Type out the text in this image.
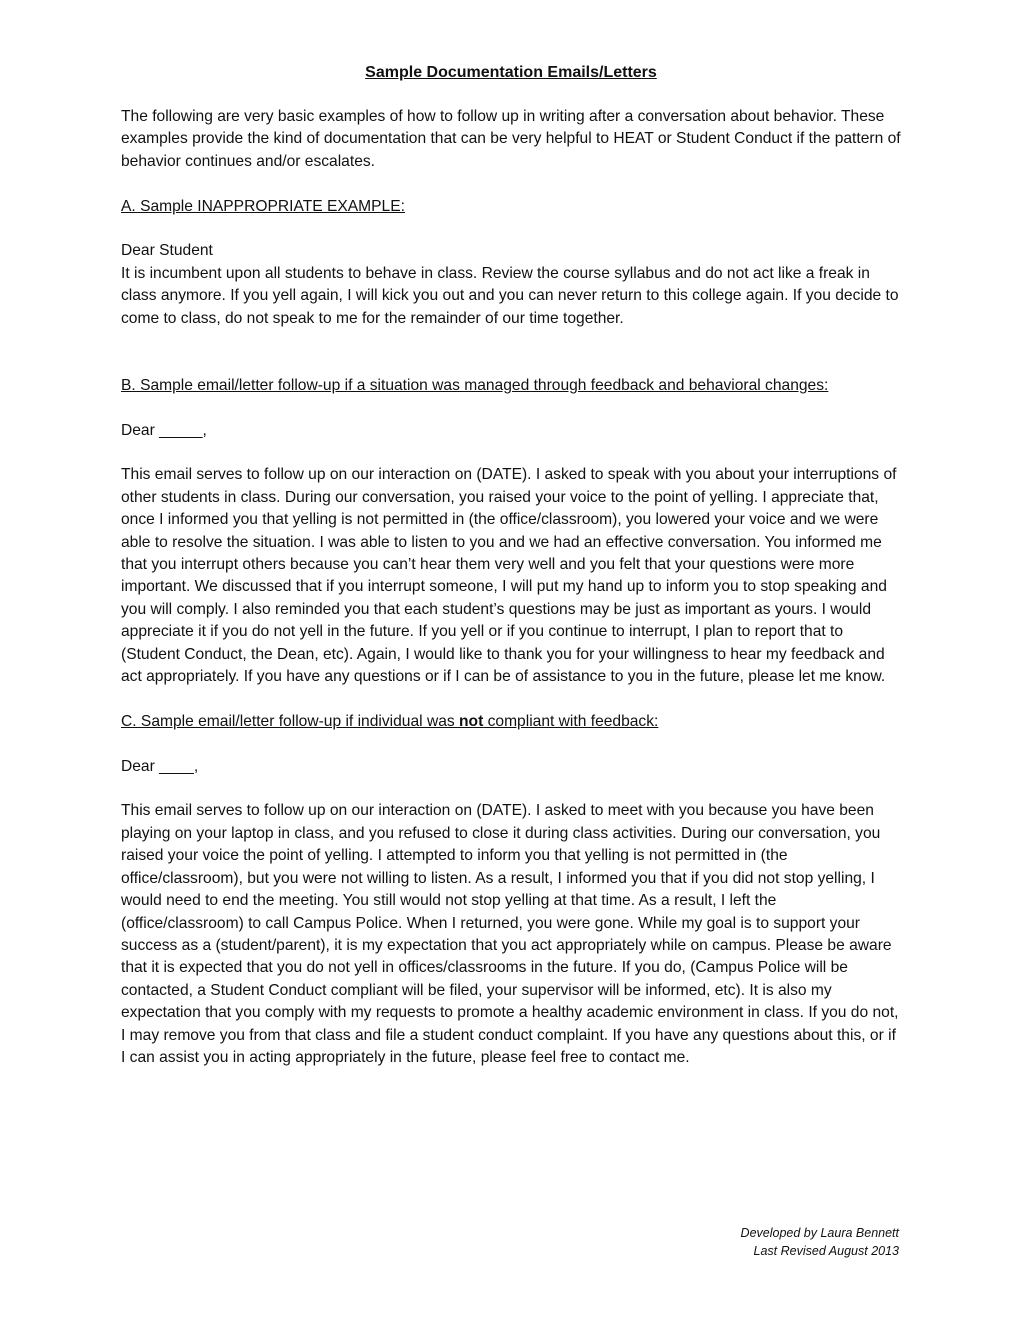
Sample Documentation Emails/Letters

The following are very basic examples of how to follow up in writing after a conversation about behavior. These examples provide the kind of documentation that can be very helpful to HEAT or Student Conduct if the pattern of behavior continues and/or escalates.

A. Sample INAPPROPRIATE EXAMPLE:

Dear Student

It is incumbent upon all students to behave in class. Review the course syllabus and do not act like a freak in class anymore. If you yell again, I will kick you out and you can never return to this college again. If you decide to come to class, do not speak to me for the remainder of our time together.

B. Sample email/letter follow-up if a situation was managed through feedback and behavioral changes:

Dear _____,

This email serves to follow up on our interaction on (DATE). I asked to speak with you about your interruptions of other students in class. During our conversation, you raised your voice to the point of yelling. I appreciate that, once I informed you that yelling is not permitted in (the office/classroom), you lowered your voice and we were able to resolve the situation. I was able to listen to you and we had an effective conversation. You informed me that you interrupt others because you can’t hear them very well and you felt that your questions were more important. We discussed that if you interrupt someone, I will put my hand up to inform you to stop speaking and you will comply. I also reminded you that each student’s questions may be just as important as yours. I would appreciate it if you do not yell in the future. If you yell or if you continue to interrupt, I plan to report that to (Student Conduct, the Dean, etc). Again, I would like to thank you for your willingness to hear my feedback and act appropriately. If you have any questions or if I can be of assistance to you in the future, please let me know.

C. Sample email/letter follow-up if individual was not compliant with feedback:

Dear ____,

This email serves to follow up on our interaction on (DATE). I asked to meet with you because you have been playing on your laptop in class, and you refused to close it during class activities. During our conversation, you raised your voice the point of yelling. I attempted to inform you that yelling is not permitted in (the office/classroom), but you were not willing to listen. As a result, I informed you that if you did not stop yelling, I would need to end the meeting. You still would not stop yelling at that time. As a result, I left the (office/classroom) to call Campus Police. When I returned, you were gone. While my goal is to support your success as a (student/parent), it is my expectation that you act appropriately while on campus. Please be aware that it is expected that you do not yell in offices/classrooms in the future. If you do, (Campus Police will be contacted, a Student Conduct compliant will be filed, your supervisor will be informed, etc). It is also my expectation that you comply with my requests to promote a healthy academic environment in class. If you do not, I may remove you from that class and file a student conduct complaint. If you have any questions about this, or if I can assist you in acting appropriately in the future, please feel free to contact me.

Developed by Laura Bennett
Last Revised August 2013
